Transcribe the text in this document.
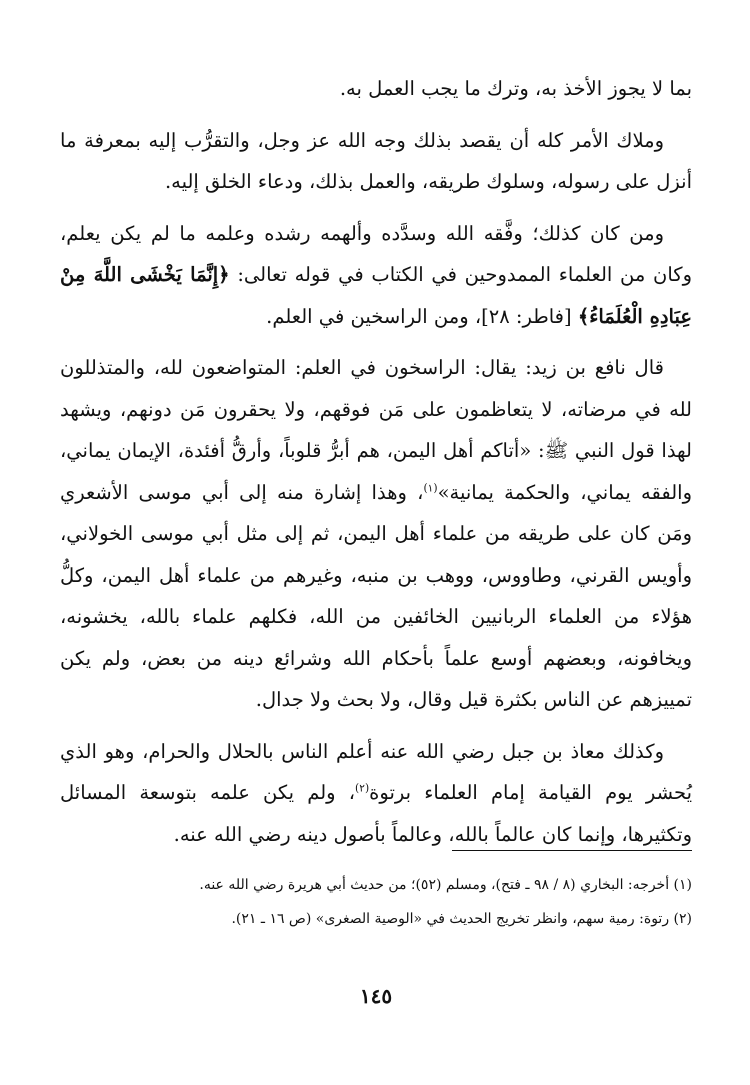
بما لا يجوز الأخذ به، وترك ما يجب العمل به.

وملاك الأمر كله أن يقصد بذلك وجه الله عز وجل، والتقرُّب إليه بمعرفة ما أنزل على رسوله، وسلوك طريقه، والعمل بذلك، ودعاء الخلق إليه.

ومن كان كذلك؛ وفَّقه الله وسدَّده وألهمه رشده وعلمه ما لم يكن يعلم، وكان من العلماء الممدوحين في الكتاب في قوله تعالى: ﴿إِنَّمَا يَخْشَى اللَّهَ مِنْ عِبَادِهِ الْعُلَمَاءُ﴾ [فاطر: ٢٨]، ومن الراسخين في العلم.

قال نافع بن زيد: يقال: الراسخون في العلم: المتواضعون لله، والمتذللون لله في مرضاته، لا يتعاظمون على مَن فوقهم، ولا يحقرون مَن دونهم، ويشهد لهذا قول النبي ﷺ: «أتاكم أهل اليمن، هم أبرُّ قلوباً، وأرقُّ أفئدة، الإيمان يماني، والفقه يماني، والحكمة يمانية»$^{(١)}$، وهذا إشارة منه إلى أبي موسى الأشعري ومَن كان على طريقه من علماء أهل اليمن، ثم إلى مثل أبي موسى الخولاني، وأويس القرني، وطاووس، ووهب بن منبه، وغيرهم من علماء أهل اليمن، وكلُّ هؤلاء من العلماء الربانيين الخائفين من الله، فكلهم علماء بالله، يخشونه، ويخافونه، وبعضهم أوسع علماً بأحكام الله وشرائع دينه من بعض، ولم يكن تمييزهم عن الناس بكثرة قيل وقال، ولا بحث ولا جدال.

وكذلك معاذ بن جبل رضي الله عنه أعلم الناس بالحلال والحرام، وهو الذي يُحشر يوم القيامة إمام العلماء برتوة$^{(٢)}$، ولم يكن علمه بتوسعة المسائل وتكثيرها، وإنما كان عالماً بالله، وعالماً بأصول دينه رضي الله عنه.

(١) أخرجه: البخاري (٨ / ٩٨ ـ فتح)، ومسلم (٥٢)؛ من حديث أبي هريرة رضي الله عنه.

(٢) رتوة: رمية سهم، وانظر تخريج الحديث في «الوصية الصغرى» (ص ١٦ ـ ٢١).

١٤٥
